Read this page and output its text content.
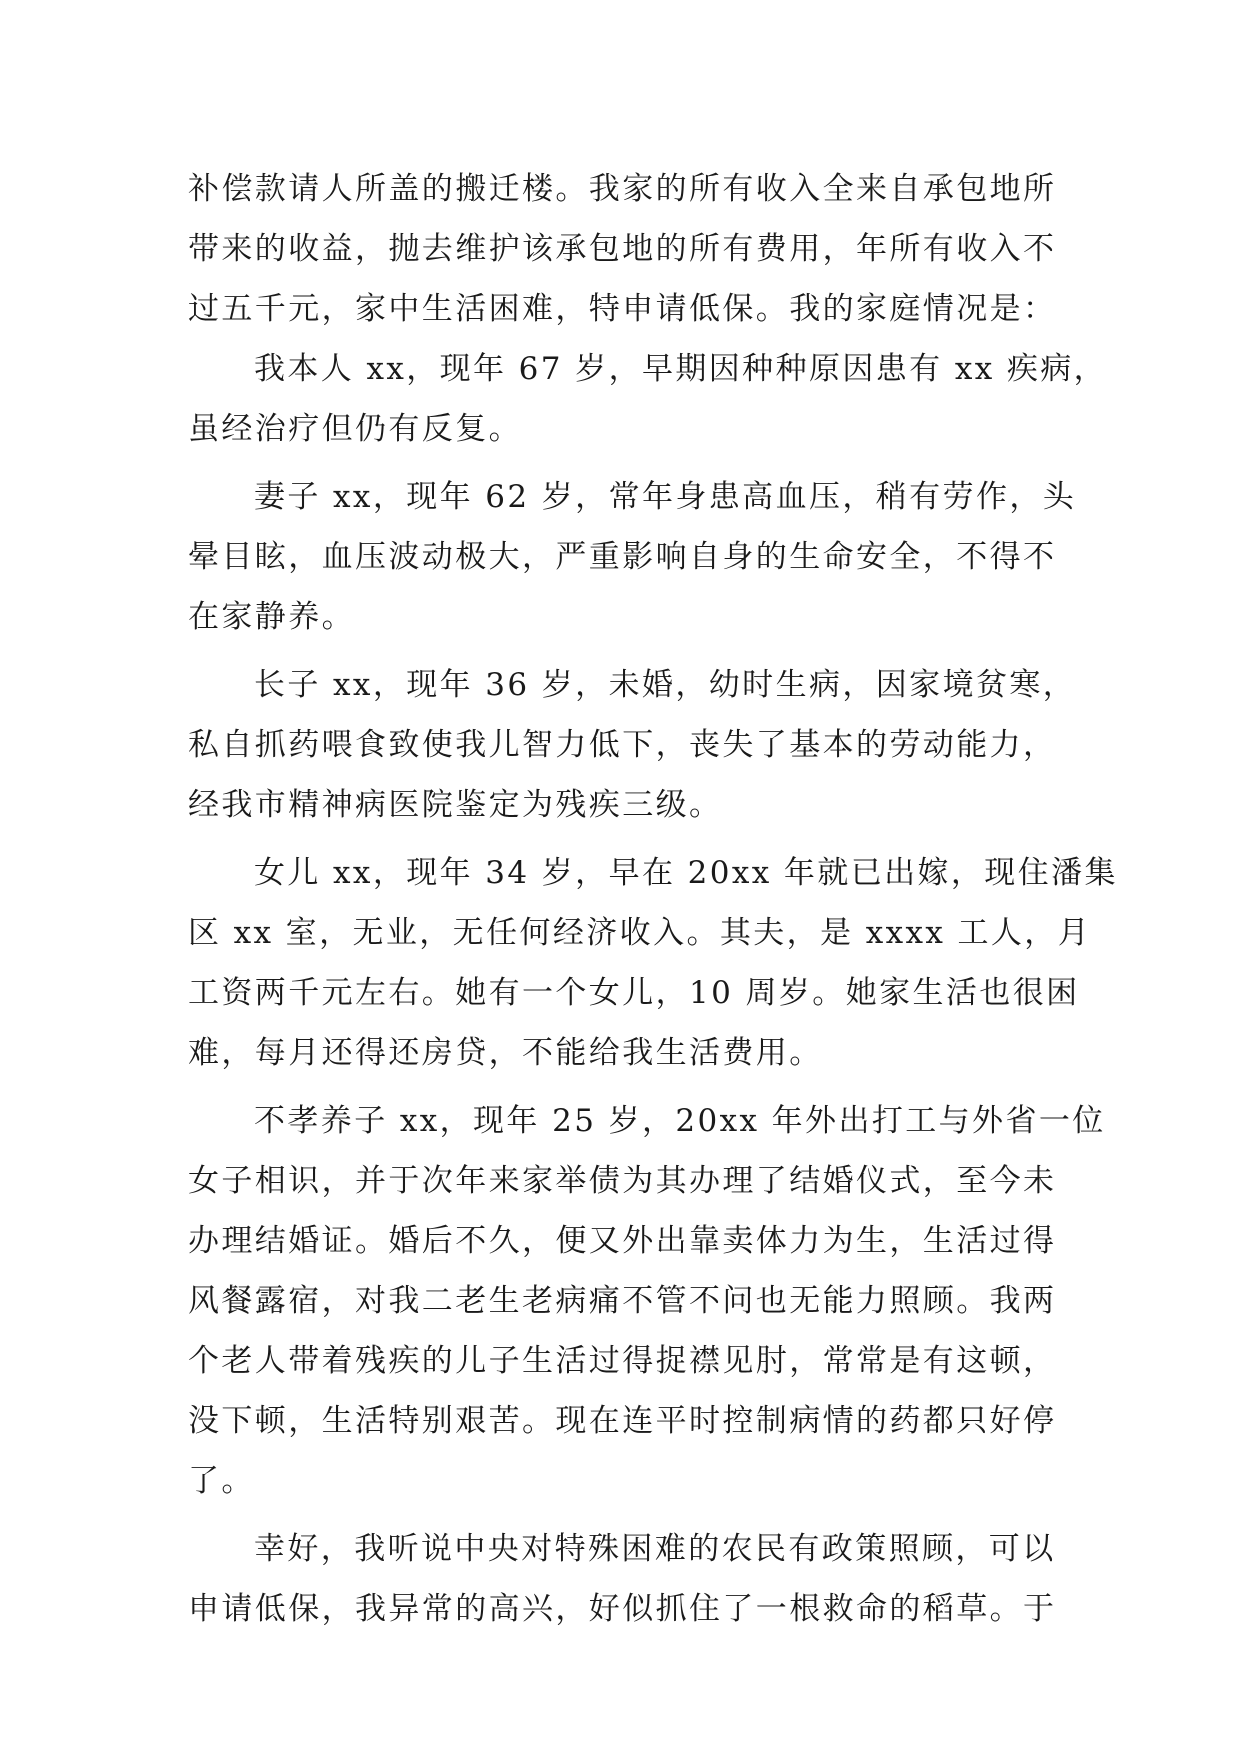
补偿款请人所盖的搬迁楼。我家的所有收入全来自承包地所
带来的收益，抛去维护该承包地的所有费用，年所有收入不
过五千元，家中生活困难，特申请低保。我的家庭情况是：
我本人 xx，现年 67 岁，早期因种种原因患有 xx 疾病，
虽经治疗但仍有反复。
妻子 xx，现年 62 岁，常年身患高血压，稍有劳作，头
晕目眩，血压波动极大，严重影响自身的生命安全，不得不
在家静养。
长子 xx，现年 36 岁，未婚，幼时生病，因家境贫寒，
私自抓药喂食致使我儿智力低下，丧失了基本的劳动能力，
经我市精神病医院鉴定为残疾三级。
女儿 xx，现年 34 岁，早在 20xx 年就已出嫁，现住潘集
区 xx 室，无业，无任何经济收入。其夫，是 xxxx 工人，月
工资两千元左右。她有一个女儿，10 周岁。她家生活也很困
难，每月还得还房贷，不能给我生活费用。
不孝养子 xx，现年 25 岁，20xx 年外出打工与外省一位
女子相识，并于次年来家举债为其办理了结婚仪式，至今未
办理结婚证。婚后不久，便又外出靠卖体力为生，生活过得
风餐露宿，对我二老生老病痛不管不问也无能力照顾。我两
个老人带着残疾的儿子生活过得捉襟见肘，常常是有这顿，
没下顿，生活特别艰苦。现在连平时控制病情的药都只好停
了。
幸好，我听说中央对特殊困难的农民有政策照顾，可以
申请低保，我异常的高兴，好似抓住了一根救命的稻草。于
